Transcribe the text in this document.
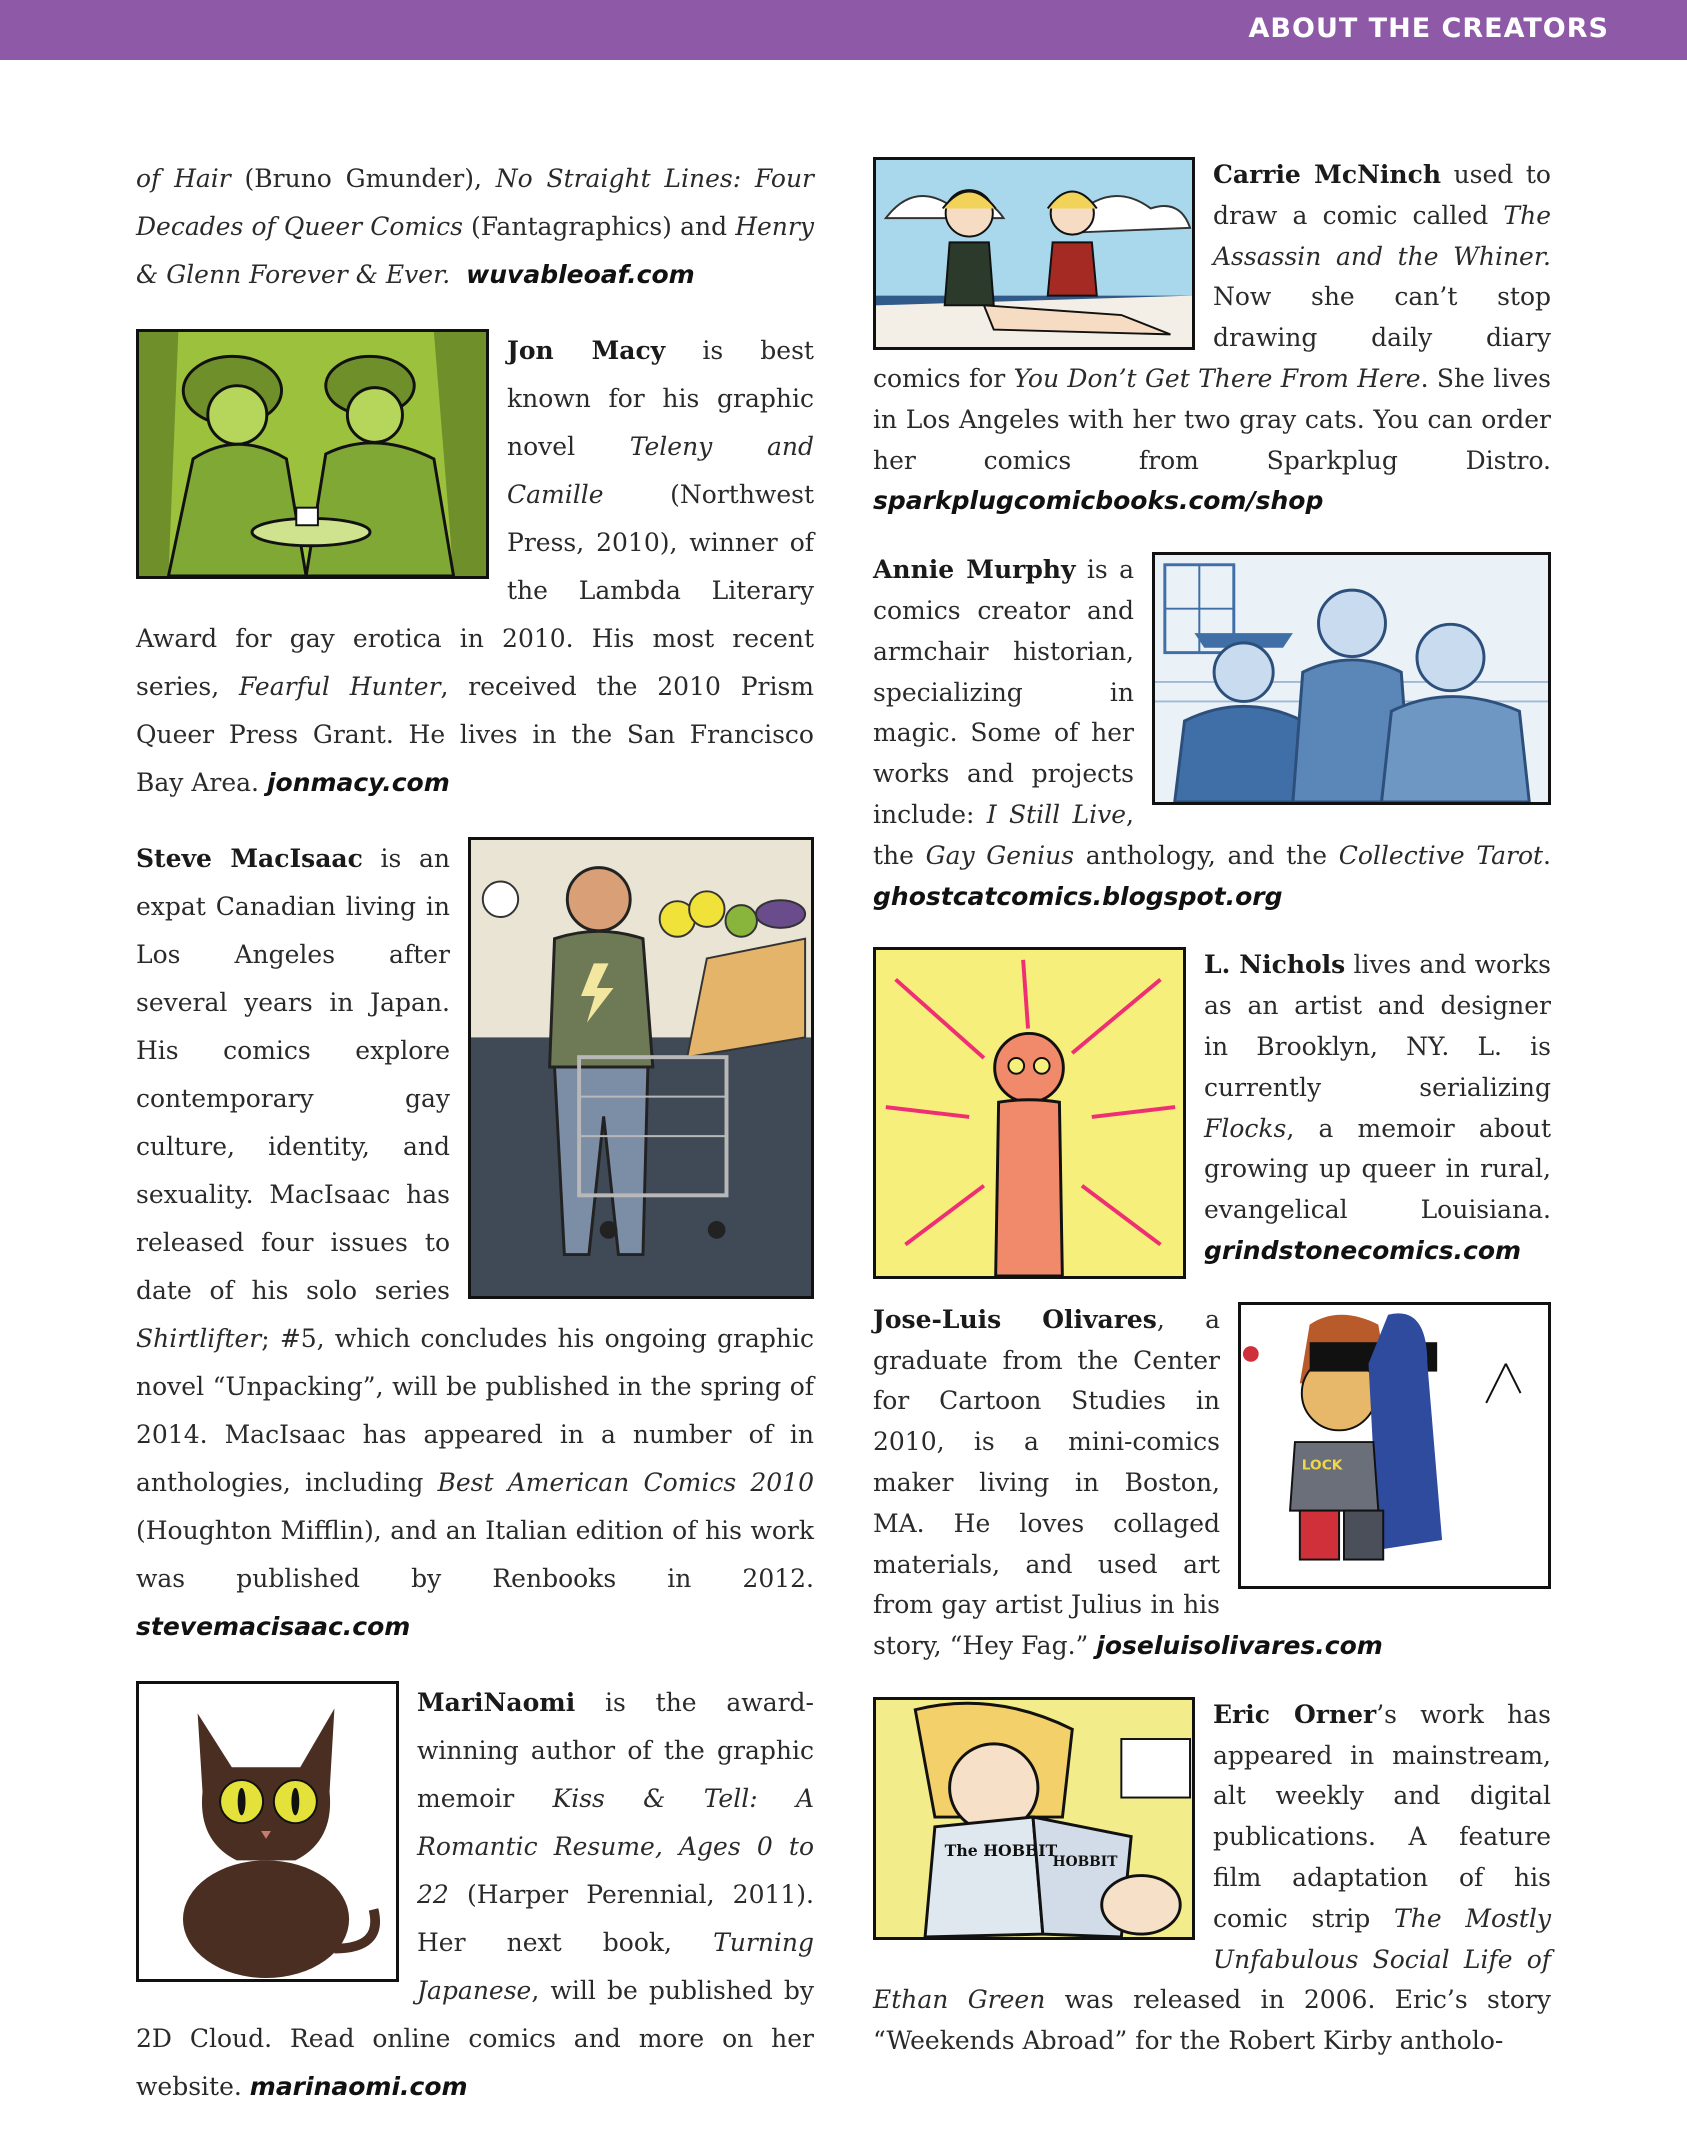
ABOUT THE CREATORS

of Hair (Bruno Gmunder), No Straight Lines: Four Decades of Queer Comics (Fantagraphics) and Henry & Glenn Forever & Ever. wuvableoaf.com

Jon Macy is best known for his graphic novel Teleny and Camille (Northwest Press, 2010), winner of the Lambda Literary Award for gay erotica in 2010. His most recent series, Fearful Hunter, received the 2010 Prism Queer Press Grant. He lives in the San Francisco Bay Area. jonmacy.com
Steve MacIsaac is an expat Canadian living in Los Angeles after several years in Japan. His comics explore contemporary gay culture, identity, and sexuality. MacIsaac has released four issues to date of his solo series Shirtlifter; #5, which concludes his ongoing graphic novel “Unpacking”, will be published in the spring of 2014. MacIsaac has appeared in a number of in anthologies, including Best American Comics 2010 (Houghton Mifflin), and an Italian edition of his work was published by Renbooks in 2012. stevemacisaac.com
MariNaomi is the award-winning author of the graphic memoir Kiss & Tell: A Romantic Resume, Ages 0 to 22 (Harper Perennial, 2011). Her next book, Turning Japanese, will be published by 2D Cloud. Read online comics and more on her website. marinaomi.com
Carrie McNinch used to draw a comic called The Assassin and the Whiner. Now she can’t stop drawing daily diary comics for You Don’t Get There From Here. She lives in Los Angeles with her two gray cats. You can order her comics from Sparkplug Distro. sparkplugcomicbooks.com/shop
Annie Murphy is a comics creator and armchair historian, specializing in magic. Some of her works and projects include: I Still Live, the Gay Genius anthology, and the Collective Tarot. ghostcatcomics.blogspot.org
L. Nichols lives and works as an artist and designer in Brooklyn, NY. L. is currently serializing Flocks, a memoir about growing up queer in rural, evangelical Louisiana. grindstonecomics.com
LOCK
Jose-Luis Olivares, a graduate from the Center for Cartoon Studies in 2010, is a mini-comics maker living in Boston, MA. He loves collaged materials, and used art from gay artist Julius in his story, “Hey Fag.” joseluisolivares.com
The HOBBIT
HOBBIT
Eric Orner’s work has appeared in mainstream, alt weekly and digital publications. A feature film adaptation of his comic strip The Mostly Unfabulous Social Life of Ethan Green was released in 2006. Eric’s story “Weekends Abroad” for the Robert Kirby antholo-
